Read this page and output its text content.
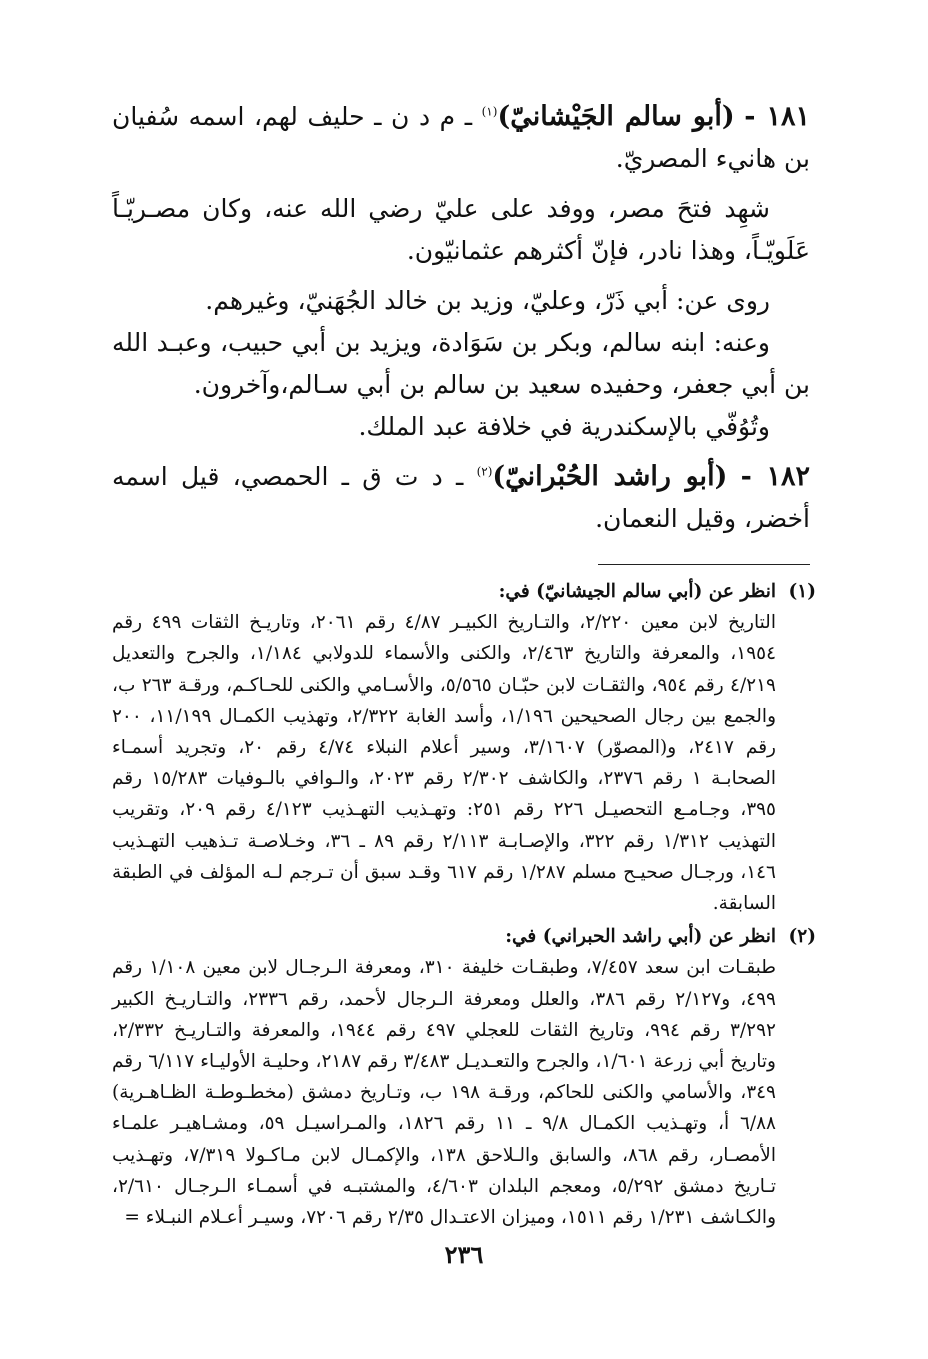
١٨١ - (أبو سالم الجَيْشانيّ)$^{(١)}$ ـ م د ن ـ حليف لهم، اسمه سُفيان بن هانيء المصريّ.

شهِد فتحَ مصر، ووفد على عليّ رضي الله عنه، وكان مصـريّـاً عَلَويّـاً، وهذا نادر، فإنّ أكثرهم عثمانيّون.

روى عن: أبي ذَرّ، وعليّ، وزيد بن خالد الجُهَنيّ، وغيرهم.

وعنه: ابنه سالم، وبكر بن سَوَادة، ويزيد بن أبي حبيب، وعبـد الله بن أبي جعفر، وحفيده سعيد بن سالم بن أبي سـالم،وآخرون.

وتُوُفّي بالإسكندرية في خلافة عبد الملك.

١٨٢ - (أبو راشد الحُبْرانيّ)$^{(٢)}$ ـ د ت ق ـ الحمصي، قيل اسمه أخضر، وقيل النعمان.

(١)
انظر عن (أبي سالم الجيشانيّ) في:
التاريخ لابن معين ٢/٢٢٠، والتـاريخ الكبيـر ٤/٨٧ رقم ٢٠٦١، وتاريـخ الثقات ٤٩٩ رقم ١٩٥٤، والمعرفة والتاريخ ٢/٤٦٣، والكنى والأسماء للدولابي ١/١٨٤، والجرح والتعديل ٤/٢١٩ رقم ٩٥٤، والثقـات لابن حبّـان ٥/٥٦٥، والأسـامي والكنى للحـاكـم، ورقـة ٢٦٣ ب، والجمع بين رجال الصحيحين ١/١٩٦، وأسد الغابة ٢/٣٢٢، وتهذيب الكمـال ١١/١٩٩، ٢٠٠ رقم ٢٤١٧، و(المصوّر) ٣/١٦٠٧، وسير أعلام النبلاء ٤/٧٤ رقم ٢٠، وتجريد أسمـاء الصحابـة ١ رقم ٢٣٧٦، والكاشف ٢/٣٠٢ رقم ٢٠٢٣، والـوافي بالـوفيات ١٥/٢٨٣ رقم ٣٩٥، وجـامـع التحصيـل ٢٢٦ رقم ٢٥١: وتهـذيب التهـذيب ٤/١٢٣ رقم ٢٠٩، وتقريب التهذيب ١/٣١٢ رقم ٣٢٢، والإصـابـة ٢/١١٣ رقم ٨٩ ـ ٣٦، وخـلاصـة تـذهيب التهـذيب ١٤٦، ورجـال صحيـح مسلم ١/٢٨٧ رقم ٦١٧ وقـد سبق أن تـرجم لـه المؤلف في الطبقة السابقة.
(٢)
انظر عن (أبي راشد الحبراني) في:
طبقـات ابن سعد ٧/٤٥٧، وطبقـات خليفة ٣١٠، ومعرفة الـرجـال لابن معين ١/١٠٨ رقم ٤٩٩، و٢/١٢٧ رقم ٣٨٦، والعلل ومعرفة الـرجال لأحمد، رقم ٢٣٣٦، والتـاريـخ الكبير ٣/٢٩٢ رقم ٩٩٤، وتاريخ الثقات للعجلي ٤٩٧ رقم ١٩٤٤، والمعرفة والتـاريـخ ٢/٣٣٢، وتاريخ أبي زرعة ١/٦٠١، والجرح والتعـديـل ٣/٤٨٣ رقم ٢١٨٧، وحليـة الأوليـاء ٦/١١٧ رقم ٣٤٩، والأسامي والكنى للحاكم، ورقـة ١٩٨ ب، وتـاريخ دمشق (مخطـوطـة الظـاهـرية) ٦/٨٨ أ، وتهـذيب الكمـال ٩/٨ ـ ١١ رقم ١٨٢٦، والمـراسيـل ٥٩، ومشـاهيـر علمـاء الأمصـار، رقم ٨٦٨، والسابق والـلاحق ١٣٨، والإكمـال لابن مـاكـولا ٧/٣١٩، وتهـذيب تـاريخ دمشق ٥/٢٩٢، ومعجم البلدان ٤/٦٠٣، والمشتبـه في أسمـاء الـرجـال ٢/٦١٠، والكـاشف ١/٢٣١ رقم ١٥١١، وميزان الاعتـدال ٢/٣٥ رقم ٧٢٠٦، وسيـر أعـلام النبـلاء =
٢٣٦
